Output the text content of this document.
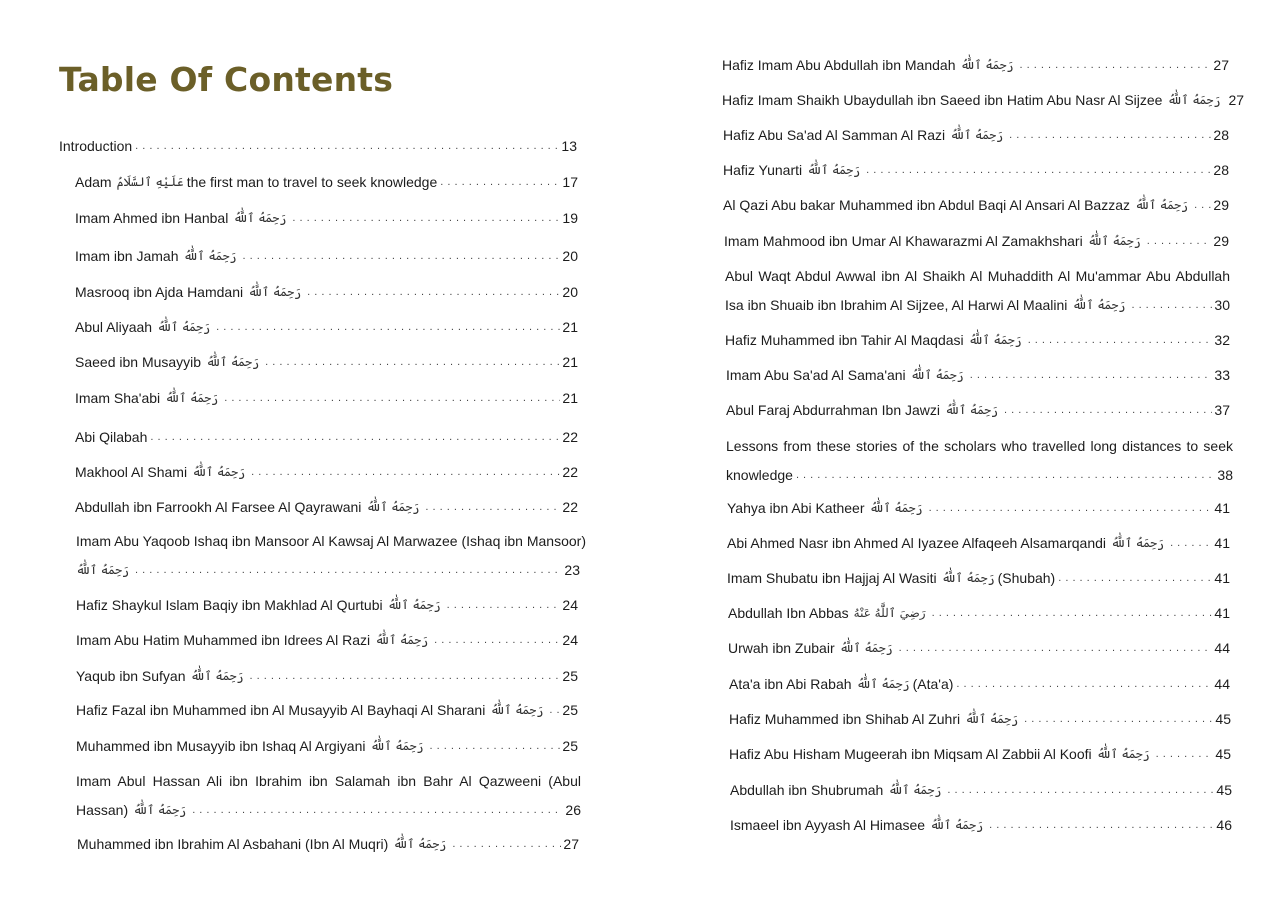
Table Of Contents
Introduction . . .	13
Adam عَلَيْهِ ٱلسَّلَامُ the first man to travel to seek knowledge . . .	17
Imam Ahmed ibn Hanbal رَحِمَهُ ٱللَّٰهُ . . .	19
Imam ibn Jamah رَحِمَهُ ٱللَّٰهُ . . .	20
Masrooq ibn Ajda Hamdani رَحِمَهُ ٱللَّٰهُ . . .	20
Abul Aliyaah رَحِمَهُ ٱللَّٰهُ . . .	21
Saeed ibn Musayyib رَحِمَهُ ٱللَّٰهُ . . .	21
Imam Sha'abi رَحِمَهُ ٱللَّٰهُ . . .	21
Abi Qilabah . . .	22
Makhool Al Shami رَحِمَهُ ٱللَّٰهُ . . .	22
Abdullah ibn Farrookh Al Farsee Al Qayrawani رَحِمَهُ ٱللَّٰهُ . . .	22
Imam Abu Yaqoob Ishaq ibn Mansoor Al Kawsaj Al Marwazee (Ishaq ibn Mansoor)
رَحِمَهُ ٱللَّٰهُ . . .	23
Hafiz Shaykul Islam Baqiy ibn Makhlad Al Qurtubi رَحِمَهُ ٱللَّٰهُ . . .	24
Imam Abu Hatim Muhammed ibn Idrees Al Razi رَحِمَهُ ٱللَّٰهُ . . .	24
Yaqub ibn Sufyan رَحِمَهُ ٱللَّٰهُ . . .	25
Hafiz Fazal ibn Muhammed ibn Al Musayyib Al Bayhaqi Al Sharani رَحِمَهُ ٱللَّٰهُ . . . 25
Muhammed ibn Musayyib ibn Ishaq Al Argiyani رَحِمَهُ ٱللَّٰهُ . . .	25
Imam Abul Hassan Ali ibn Ibrahim ibn Salamah ibn Bahr Al Qazweeni (Abul
Hassan) رَحِمَهُ ٱللَّٰهُ . . .	26
Muhammed ibn Ibrahim Al Asbahani (Ibn Al Muqri) رَحِمَهُ ٱللَّٰهُ . . .	27
Hafiz Imam Abu Abdullah ibn Mandah رَحِمَهُ ٱللَّٰهُ . . .	27
Hafiz Imam Shaikh Ubaydullah ibn Saeed ibn Hatim Abu Nasr Al Sijzee رَحِمَهُ ٱللَّٰهُ 27
Hafiz Abu Sa'ad Al Samman Al Razi رَحِمَهُ ٱللَّٰهُ . . .	28
Hafiz Yunarti رَحِمَهُ ٱللَّٰهُ . . .	28
Al Qazi Abu bakar Muhammed ibn Abdul Baqi Al Ansari Al Bazzaz رَحِمَهُ ٱللَّٰهُ . . . 29
Imam Mahmood ibn Umar Al Khawarazmi Al Zamakhshari رَحِمَهُ ٱللَّٰهُ . . .	29
Abul Waqt Abdul Awwal ibn Al Shaikh Al Muhaddith Al Mu'ammar Abu Abdullah
Isa ibn Shuaib ibn Ibrahim Al Sijzee, Al Harwi Al Maalini رَحِمَهُ ٱللَّٰهُ . . .	30
Hafiz Muhammed ibn Tahir Al Maqdasi رَحِمَهُ ٱللَّٰهُ . . .	32
Imam Abu Sa'ad Al Sama'ani رَحِمَهُ ٱللَّٰهُ . . .	33
Abul Faraj Abdurrahman Ibn Jawzi رَحِمَهُ ٱللَّٰهُ . . .	37
Lessons from these stories of the scholars who travelled long distances to seek
knowledge . . .	38
Yahya ibn Abi Katheer رَحِمَهُ ٱللَّٰهُ . . .	41
Abi Ahmed Nasr ibn Ahmed Al Iyazee Alfaqeeh Alsamarqandi رَحِمَهُ ٱللَّٰهُ . . .	41
Imam Shubatu ibn Hajjaj Al Wasiti رَحِمَهُ ٱللَّٰهُ (Shubah) . . .	41
Abdullah Ibn Abbas رَضِيَ ٱللَّٰهُ عَنْهُ . . .	41
Urwah ibn Zubair رَحِمَهُ ٱللَّٰهُ . . .	44
Ata'a ibn Abi Rabah رَحِمَهُ ٱللَّٰهُ (Ata'a) . . .	44
Hafiz Muhammed ibn Shihab Al Zuhri رَحِمَهُ ٱللَّٰهُ . . .	45
Hafiz Abu Hisham Mugeerah ibn Miqsam Al Zabbii Al Koofi رَحِمَهُ ٱللَّٰهُ . . .	45
Abdullah ibn Shubrumah رَحِمَهُ ٱللَّٰهُ . . .	45
Ismaeel ibn Ayyash Al Himasee رَحِمَهُ ٱللَّٰهُ . . .	46
